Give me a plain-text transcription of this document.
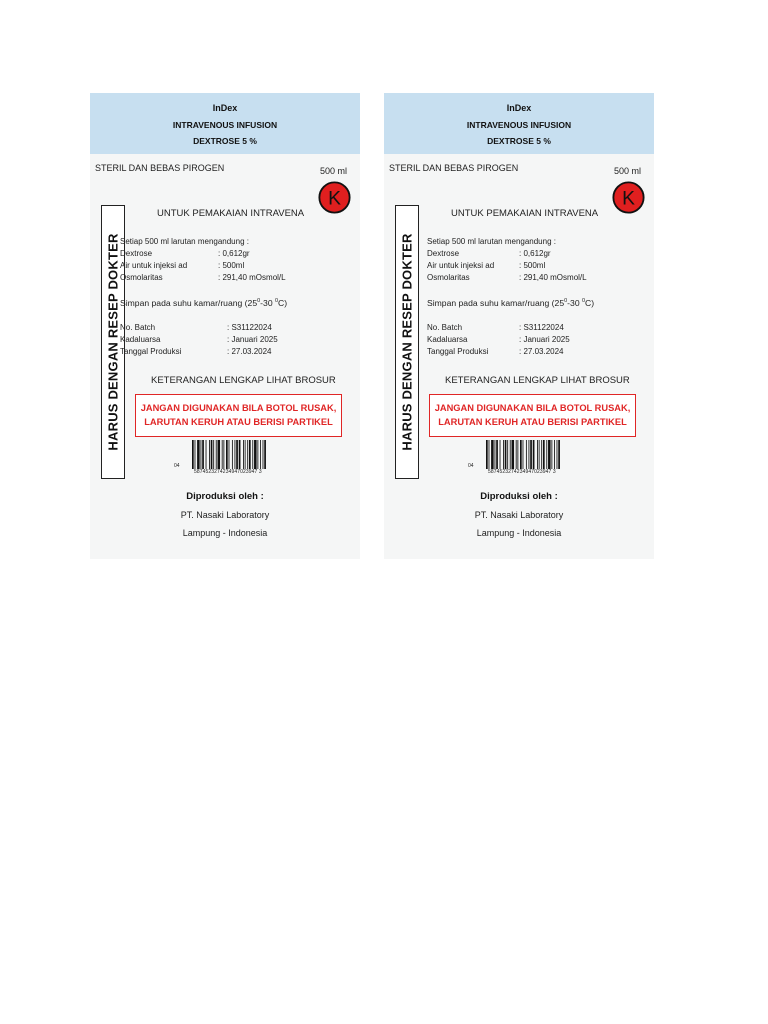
InDex
INTRAVENOUS INFUSION
DEXTROSE 5 %
STERIL DAN BEBAS PIROGEN	500 ml
K
HARUS DENGAN RESEP DOKTER
UNTUK PEMAKAIAN INTRAVENA
Setiap 500 ml larutan mengandung :
Dextrose	: 0,612gr
Air untuk injeksi ad	: 500ml
Osmolaritas	: 291,40 mOsmol/L
Simpan pada suhu kamar/ruang ($25^0-30$ $^0$C)
No. Batch	: S31122024
Kadaluarsa	: Januari 2025
Tanggal Produksi	: 27.03.2024
KETERANGAN LENGKAP LIHAT BROSUR
JANGAN DIGUNAKAN BILA BOTOL RUSAK,
LARUTAN KERUH ATAU BERISI PARTIKEL
04
5874523274234947023947 3
Diproduksi oleh :
PT. Nasaki Laboratory
Lampung - Indonesia
InDex
INTRAVENOUS INFUSION
DEXTROSE 5 %
STERIL DAN BEBAS PIROGEN	500 ml
K
HARUS DENGAN RESEP DOKTER
UNTUK PEMAKAIAN INTRAVENA
Setiap 500 ml larutan mengandung :
Dextrose	: 0,612gr
Air untuk injeksi ad	: 500ml
Osmolaritas	: 291,40 mOsmol/L
Simpan pada suhu kamar/ruang ($25^0-30$ $^0$C)
No. Batch	: S31122024
Kadaluarsa	: Januari 2025
Tanggal Produksi	: 27.03.2024
KETERANGAN LENGKAP LIHAT BROSUR
JANGAN DIGUNAKAN BILA BOTOL RUSAK,
LARUTAN KERUH ATAU BERISI PARTIKEL
04
5874523274234947023947 3
Diproduksi oleh :
PT. Nasaki Laboratory
Lampung - Indonesia
